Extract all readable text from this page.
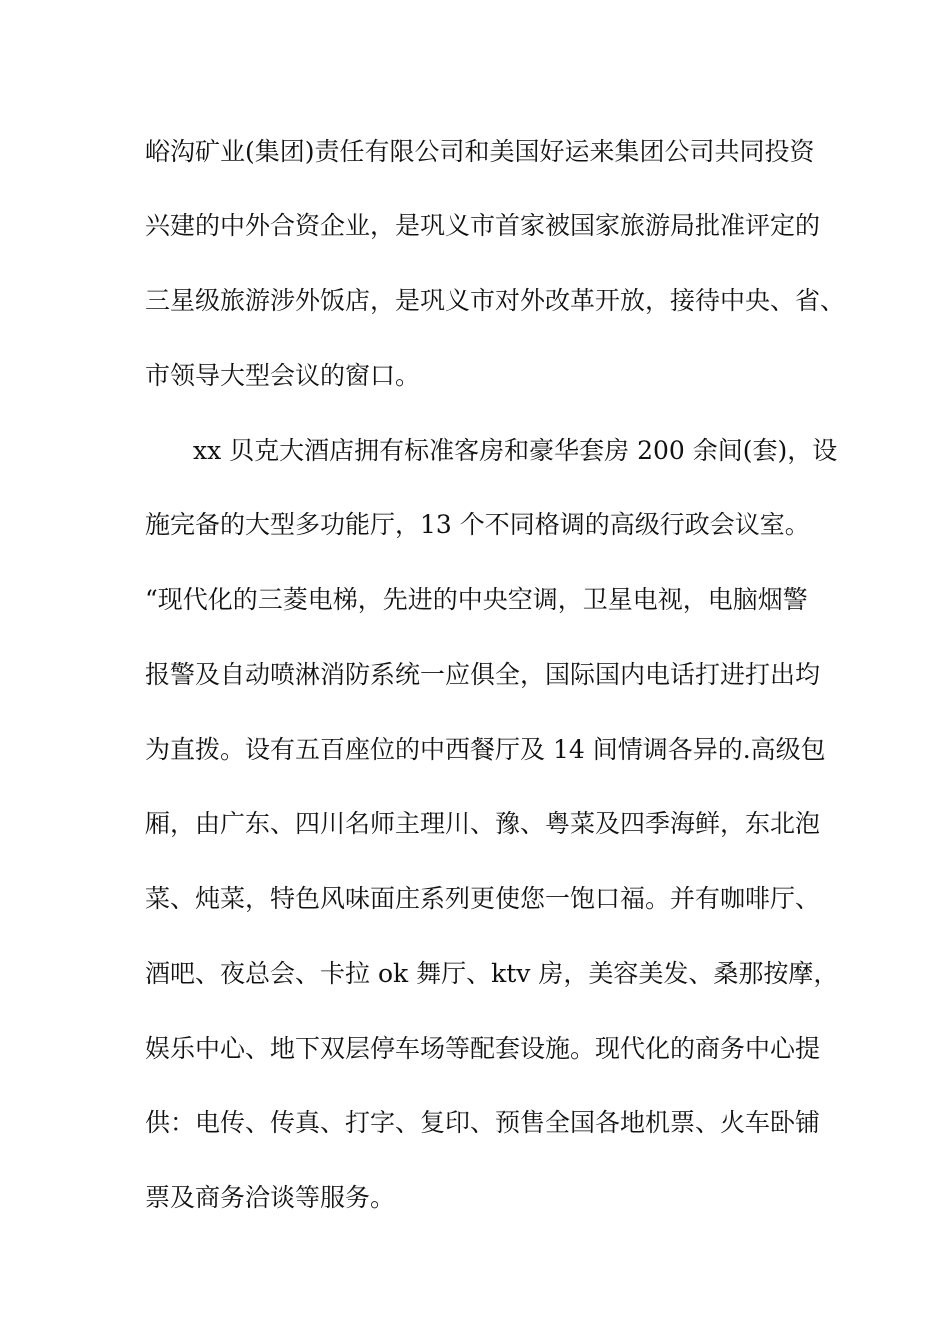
峪沟矿业(集团)责任有限公司和美国好运来集团公司共同投资
兴建的中外合资企业，是巩义市首家被国家旅游局批准评定的
三星级旅游涉外饭店，是巩义市对外改革开放，接待中央、省、
市领导大型会议的窗口。
xx 贝克大酒店拥有标准客房和豪华套房 200 余间(套)，设
施完备的大型多功能厅，13 个不同格调的高级行政会议室。
“现代化的三菱电梯，先进的中央空调，卫星电视，电脑烟警
报警及自动喷淋消防系统一应俱全，国际国内电话打进打出均
为直拨。设有五百座位的中西餐厅及 14 间情调各异的.高级包
厢，由广东、四川名师主理川、豫、粤菜及四季海鲜，东北泡
菜、炖菜，特色风味面庄系列更使您一饱口福。并有咖啡厅、
酒吧、夜总会、卡拉 ok 舞厅、ktv 房，美容美发、桑那按摩，
娱乐中心、地下双层停车场等配套设施。现代化的商务中心提
供：电传、传真、打字、复印、预售全国各地机票、火车卧铺
票及商务洽谈等服务。
